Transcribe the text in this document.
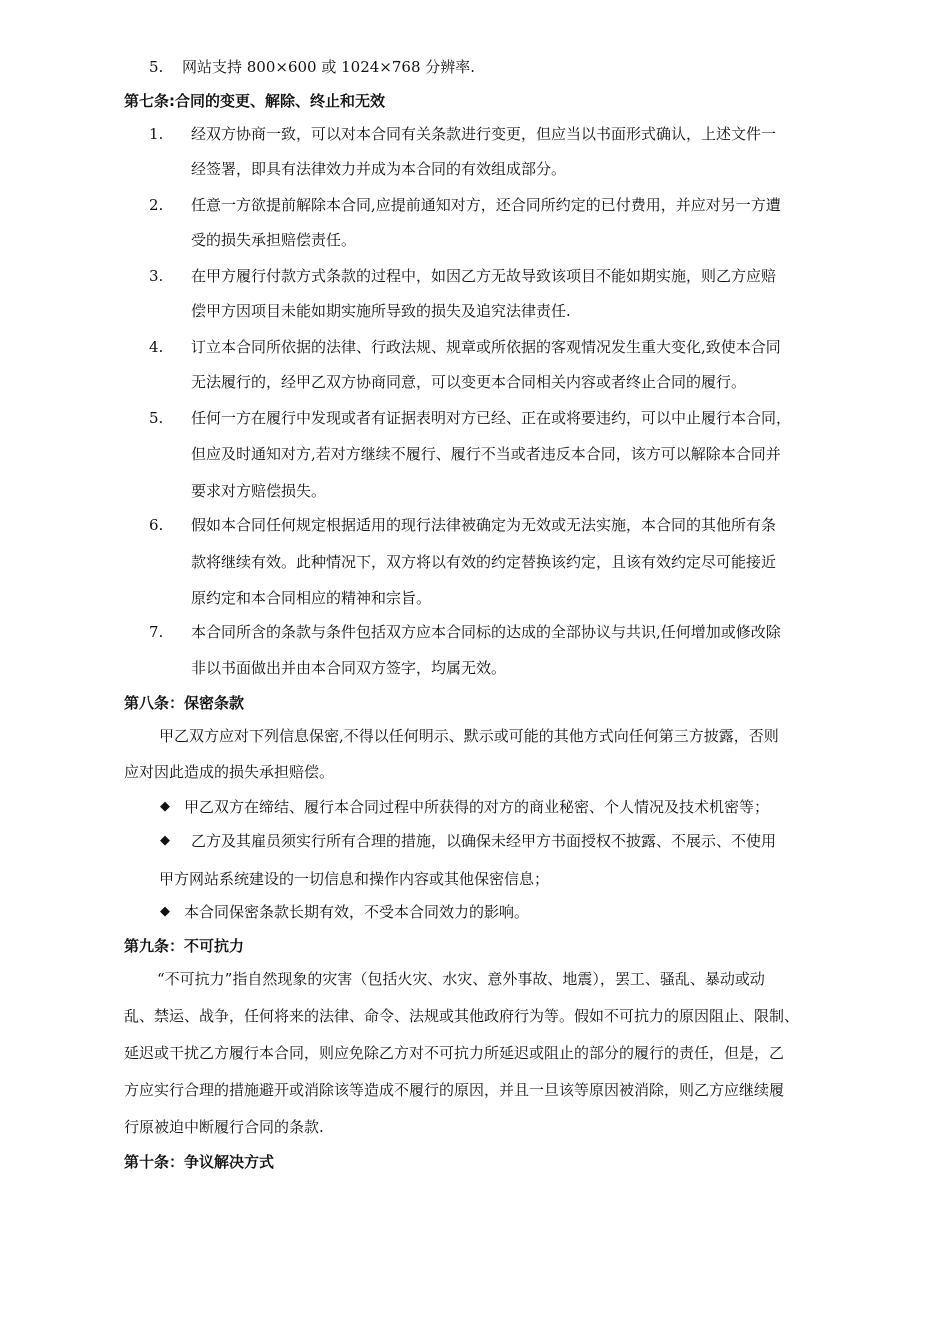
5. 网站支持 800×600 或 1024×768 分辨率.
第七条:合同的变更、解除、终止和无效
1. 经双方协商一致，可以对本合同有关条款进行变更，但应当以书面形式确认，上述文件一
经签署，即具有法律效力并成为本合同的有效组成部分。
2. 任意一方欲提前解除本合同,应提前通知对方，还合同所约定的已付费用，并应对另一方遭
受的损失承担赔偿责任。
3. 在甲方履行付款方式条款的过程中，如因乙方无故导致该项目不能如期实施，则乙方应赔
偿甲方因项目未能如期实施所导致的损失及追究法律责任.
4. 订立本合同所依据的法律、行政法规、规章或所依据的客观情况发生重大变化,致使本合同
无法履行的，经甲乙双方协商同意，可以变更本合同相关内容或者终止合同的履行。
5. 任何一方在履行中发现或者有证据表明对方已经、正在或将要违约，可以中止履行本合同，
但应及时通知对方,若对方继续不履行、履行不当或者违反本合同，该方可以解除本合同并
要求对方赔偿损失。
6. 假如本合同任何规定根据适用的现行法律被确定为无效或无法实施，本合同的其他所有条
款将继续有效。此种情况下，双方将以有效的约定替换该约定，且该有效约定尽可能接近
原约定和本合同相应的精神和宗旨。
7. 本合同所含的条款与条件包括双方应本合同标的达成的全部协议与共识,任何增加或修改除
非以书面做出并由本合同双方签字，均属无效。
第八条：保密条款
甲乙双方应对下列信息保密,不得以任何明示、默示或可能的其他方式向任何第三方披露，否则
应对因此造成的损失承担赔偿。
◆ 甲乙双方在缔结、履行本合同过程中所获得的对方的商业秘密、个人情况及技术机密等；
◆ 乙方及其雇员须实行所有合理的措施，以确保未经甲方书面授权不披露、不展示、不使用
甲方网站系统建设的一切信息和操作内容或其他保密信息；
◆ 本合同保密条款长期有效，不受本合同效力的影响。
第九条：不可抗力
“不可抗力”指自然现象的灾害（包括火灾、水灾、意外事故、地震），罢工、骚乱、暴动或动
乱、禁运、战争，任何将来的法律、命令、法规或其他政府行为等。假如不可抗力的原因阻止、限制、
延迟或干扰乙方履行本合同，则应免除乙方对不可抗力所延迟或阻止的部分的履行的责任，但是，乙
方应实行合理的措施避开或消除该等造成不履行的原因，并且一旦该等原因被消除，则乙方应继续履
行原被迫中断履行合同的条款.
第十条：争议解决方式
